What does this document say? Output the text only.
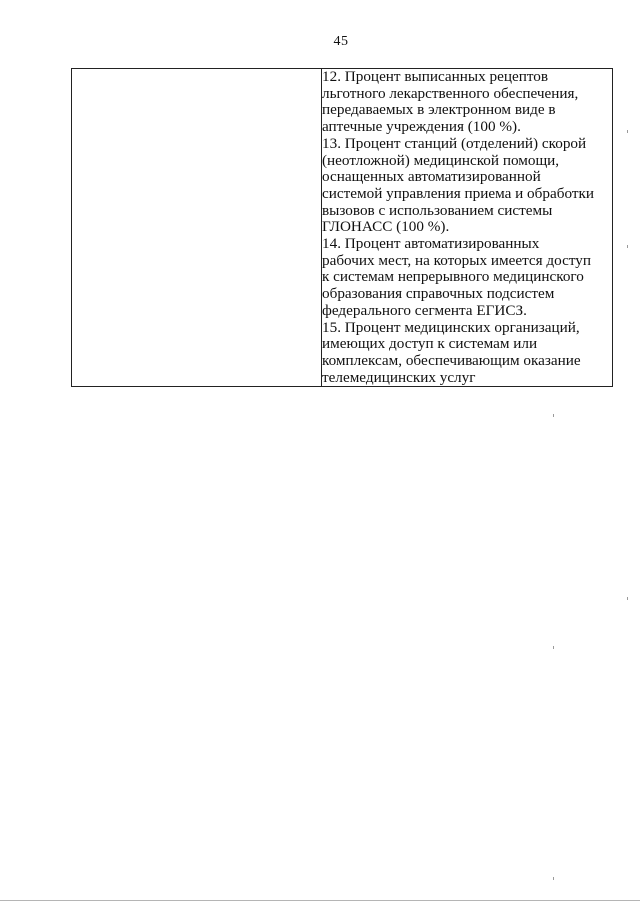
45

12. Процент выписанных рецептов
льготного лекарственного обеспечения,
передаваемых в электронном виде в
аптечные учреждения (100 %).
13. Процент станций (отделений) скорой
(неотложной) медицинской помощи,
оснащенных автоматизированной
системой управления приема и обработки
вызовов с использованием системы
ГЛОНАСС (100 %).
14. Процент автоматизированных
рабочих мест, на которых имеется доступ
к системам непрерывного медицинского
образования справочных подсистем
федерального сегмента ЕГИСЗ.
15. Процент медицинских организаций,
имеющих доступ к системам или
комплексам, обеспечивающим оказание
телемедицинских услуг
